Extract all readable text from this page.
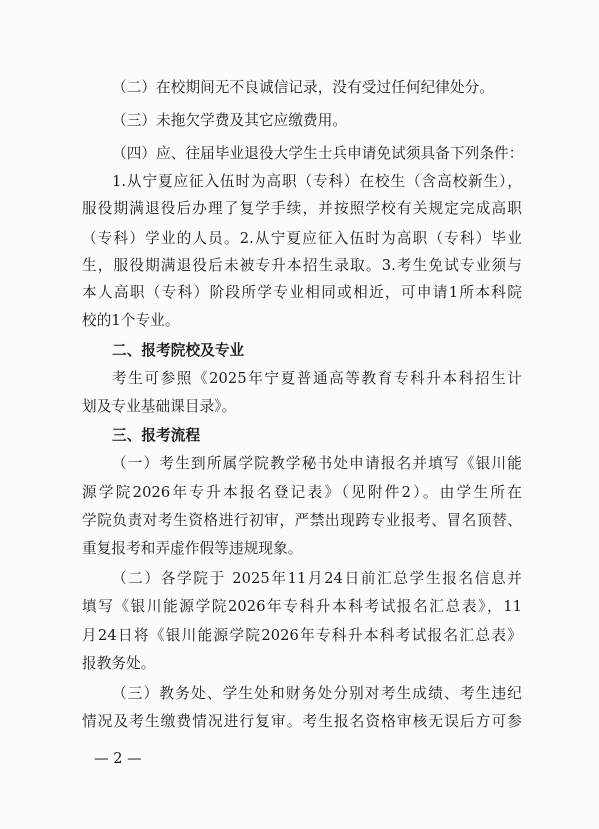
（二）在校期间无不良诚信记录，没有受过任何纪律处分。
（三）未拖欠学费及其它应缴费用。
（四）应、往届毕业退役大学生士兵申请免试须具备下列条件：
1.从宁夏应征入伍时为高职（专科）在校生（含高校新生），
服役期满退役后办理了复学手续，并按照学校有关规定完成高职
（专科）学业的人员。2.从宁夏应征入伍时为高职（专科）毕业
生，服役期满退役后未被专升本招生录取。3.考生免试专业须与
本人高职（专科）阶段所学专业相同或相近，可申请1所本科院
校的1个专业。
二、报考院校及专业
考生可参照《2025年宁夏普通高等教育专科升本科招生计
划及专业基础课目录》。
三、报考流程
（一）考生到所属学院教学秘书处申请报名并填写《银川能
源学院2026年专升本报名登记表》（见附件2）。由学生所在
学院负责对考生资格进行初审，严禁出现跨专业报考、冒名顶替、
重复报考和弄虚作假等违规现象。
（二）各学院于 2025年11月24日前汇总学生报名信息并
填写《银川能源学院2026年专科升本科考试报名汇总表》，11
月24日将《银川能源学院2026年专科升本科考试报名汇总表》
报教务处。
（三）教务处、学生处和财务处分别对考生成绩、考生违纪
情况及考生缴费情况进行复审。考生报名资格审核无误后方可参
— 2 —
